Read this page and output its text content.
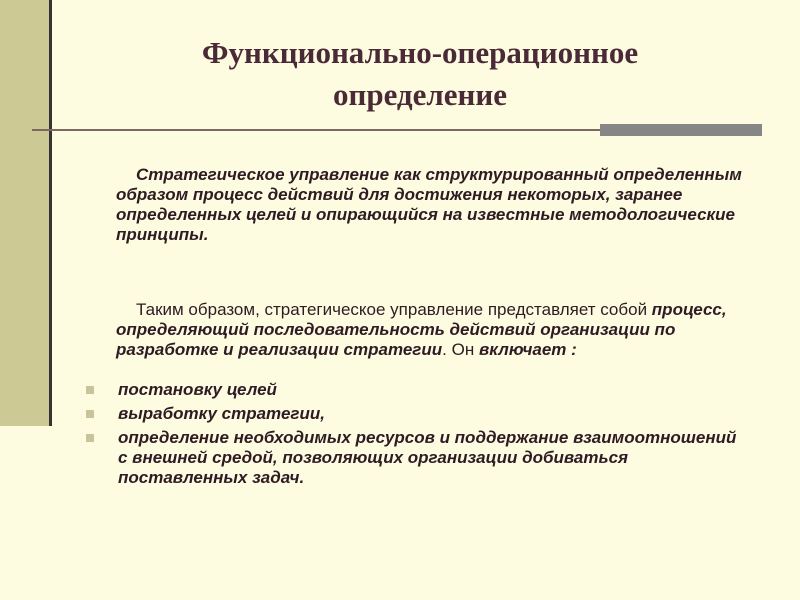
Функционально-операционное
определение

Стратегическое управление как структурированный определенным образом процесс действий для достижения некоторых, заранее определенных целей и опирающийся на известные методологические принципы.

Таким образом, стратегическое управление представляет собой процесс, определяющий последовательность действий организации по разработке и реализации стратегии. Он включает :

постановку целей
выработку стратегии,
определение необходимых ресурсов и поддержание взаимоотношений с внешней средой, позволяющих организации добиваться поставленных задач.
